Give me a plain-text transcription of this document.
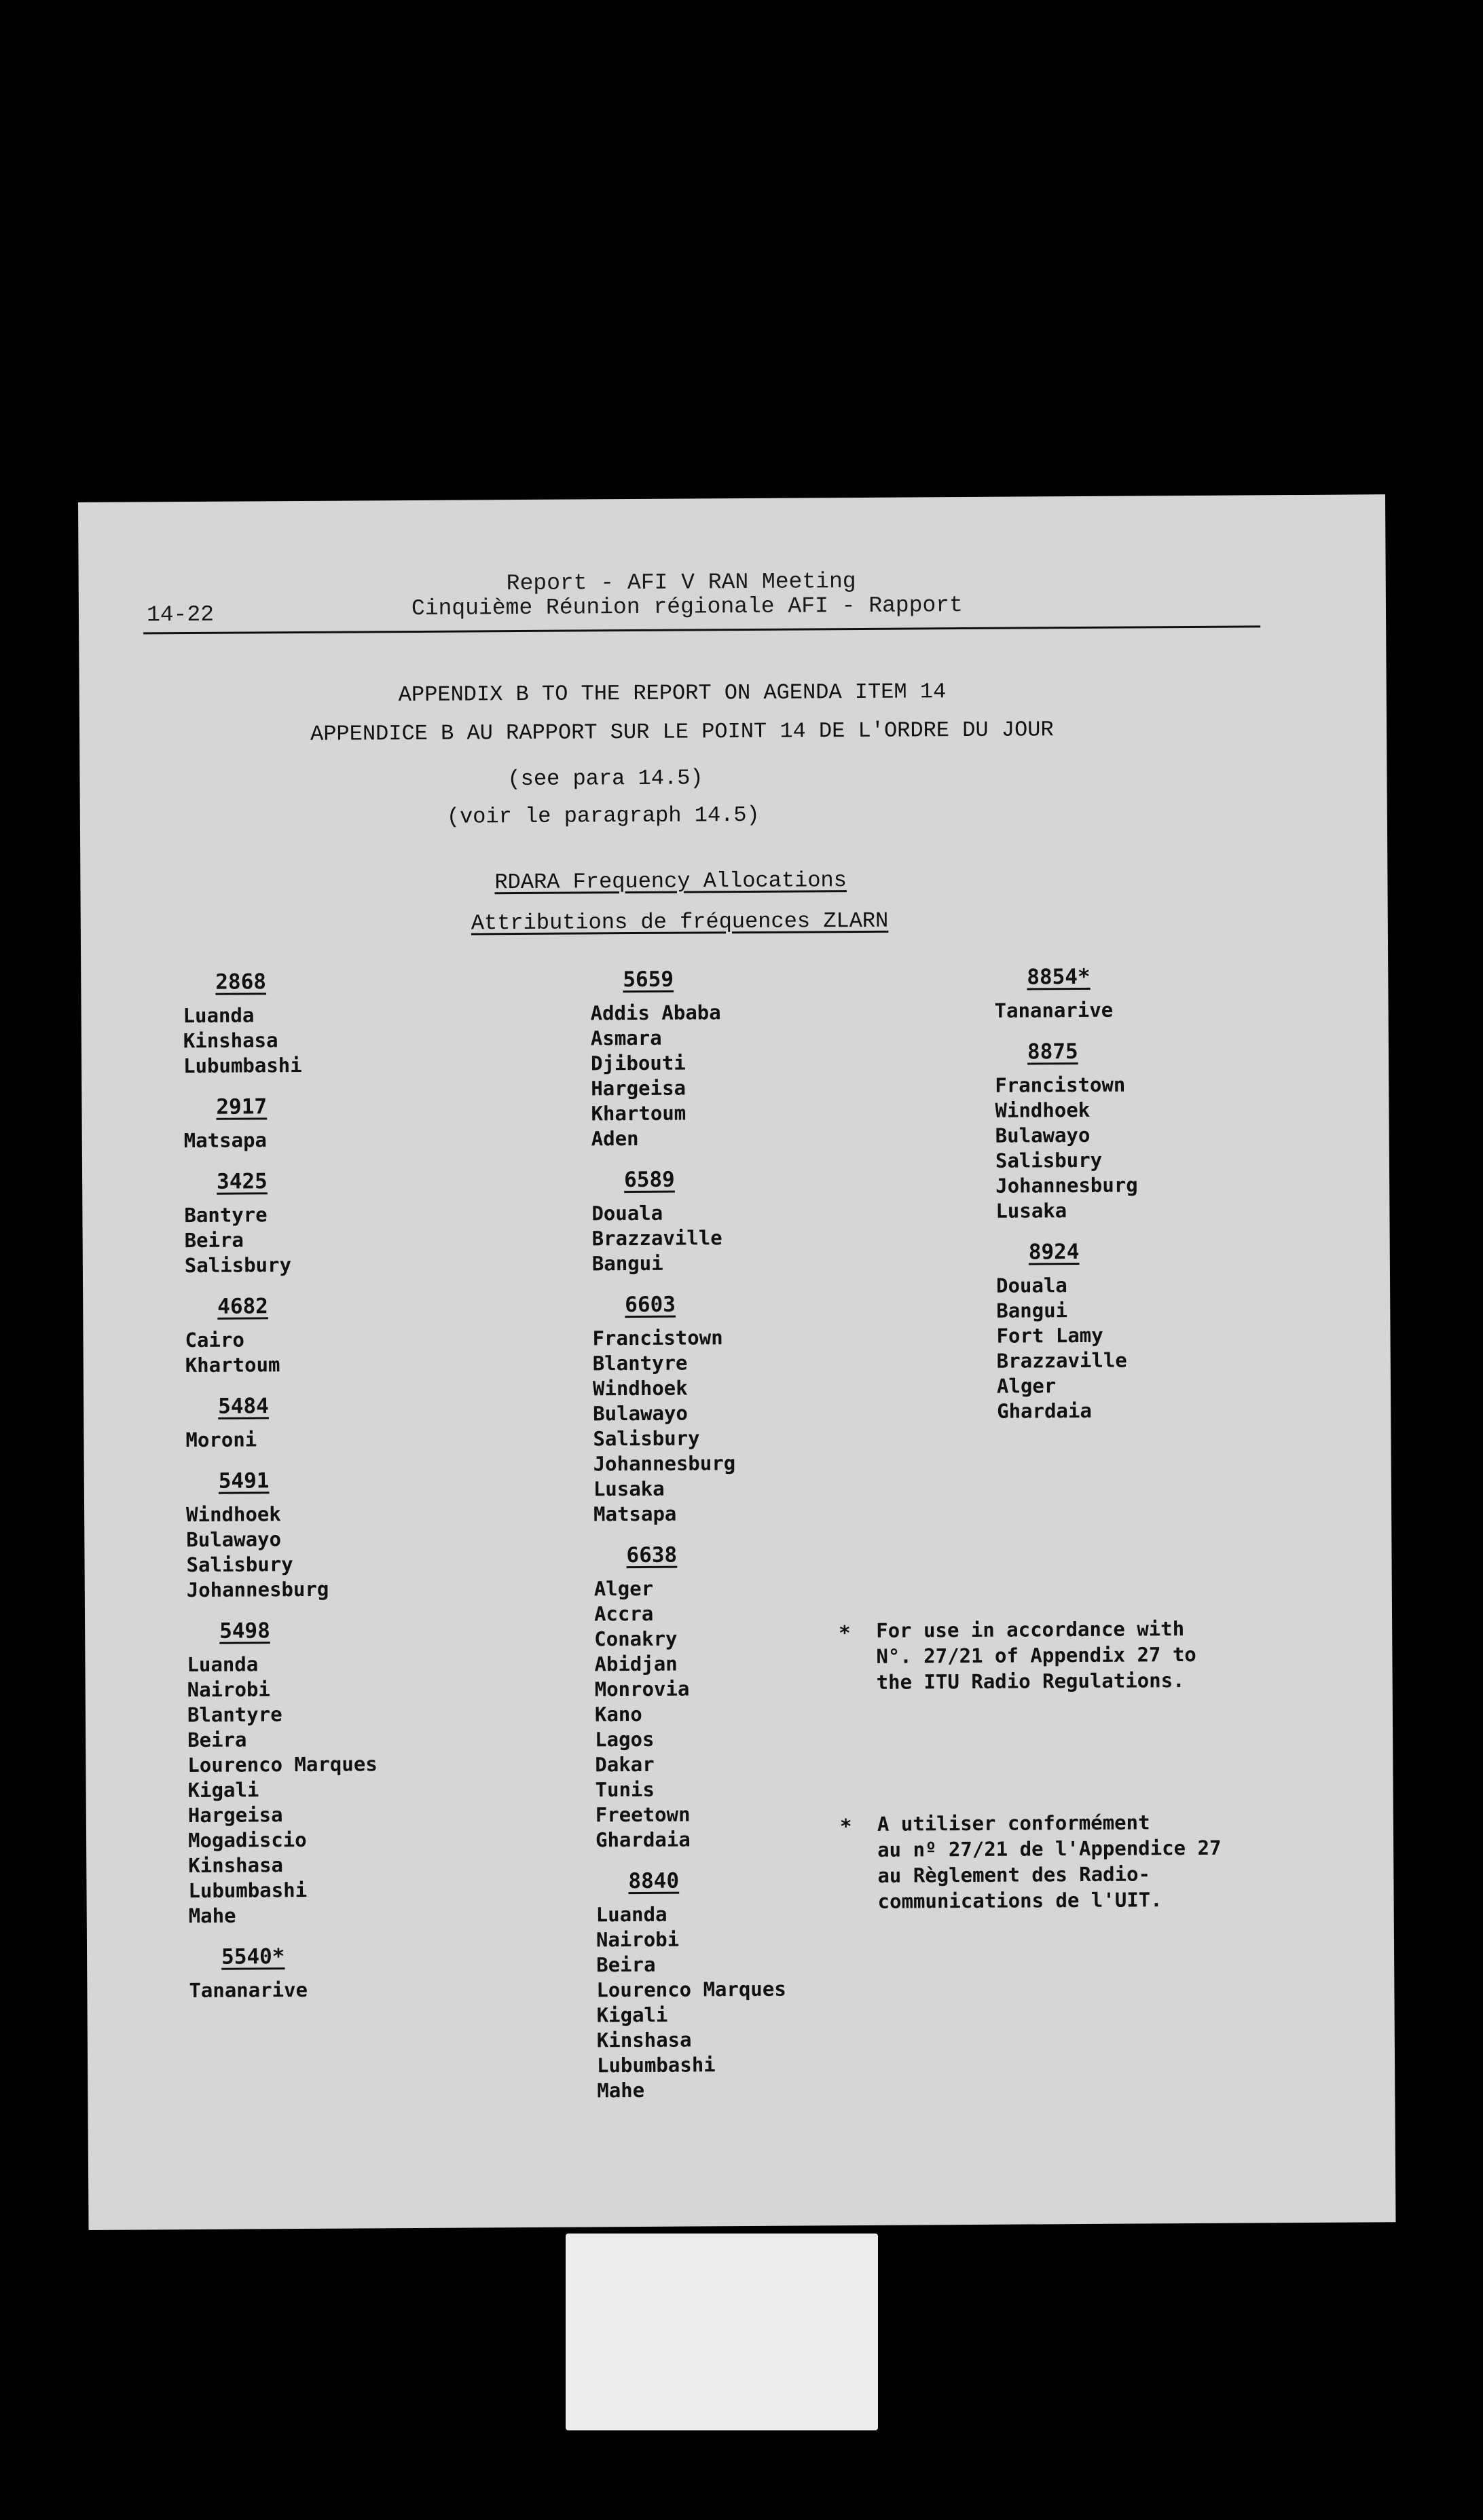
14-22
Report - AFI V RAN Meeting
Cinquième Réunion régionale AFI - Rapport
APPENDIX B TO THE REPORT ON AGENDA ITEM 14
APPENDICE B AU RAPPORT SUR LE POINT 14 DE L'ORDRE DU JOUR
(see para 14.5)
(voir le paragraph 14.5)
RDARA Frequency Allocations
Attributions de fréquences ZLARN
2868
Luanda
Kinshasa
Lubumbashi
2917
Matsapa
3425
Bantyre
Beira
Salisbury
4682
Cairo
Khartoum
5484
Moroni
5491
Windhoek
Bulawayo
Salisbury
Johannesburg
5498
Luanda
Nairobi
Blantyre
Beira
Lourenco Marques
Kigali
Hargeisa
Mogadiscio
Kinshasa
Lubumbashi
Mahe
5540*
Tananarive
5659
Addis Ababa
Asmara
Djibouti
Hargeisa
Khartoum
Aden
6589
Douala
Brazzaville
Bangui
6603
Francistown
Blantyre
Windhoek
Bulawayo
Salisbury
Johannesburg
Lusaka
Matsapa
6638
Alger
Accra
Conakry
Abidjan
Monrovia
Kano
Lagos
Dakar
Tunis
Freetown
Ghardaia
8840
Luanda
Nairobi
Beira
Lourenco Marques
Kigali
Kinshasa
Lubumbashi
Mahe
8854*
Tananarive
8875
Francistown
Windhoek
Bulawayo
Salisbury
Johannesburg
Lusaka
8924
Douala
Bangui
Fort Lamy
Brazzaville
Alger
Ghardaia
* For use in accordance with
N°. 27/21 of Appendix 27 to
the ITU Radio Regulations.
* A utiliser conformément
au nº 27/21 de l'Appendice 27
au Règlement des Radio-
communications de l'UIT.
